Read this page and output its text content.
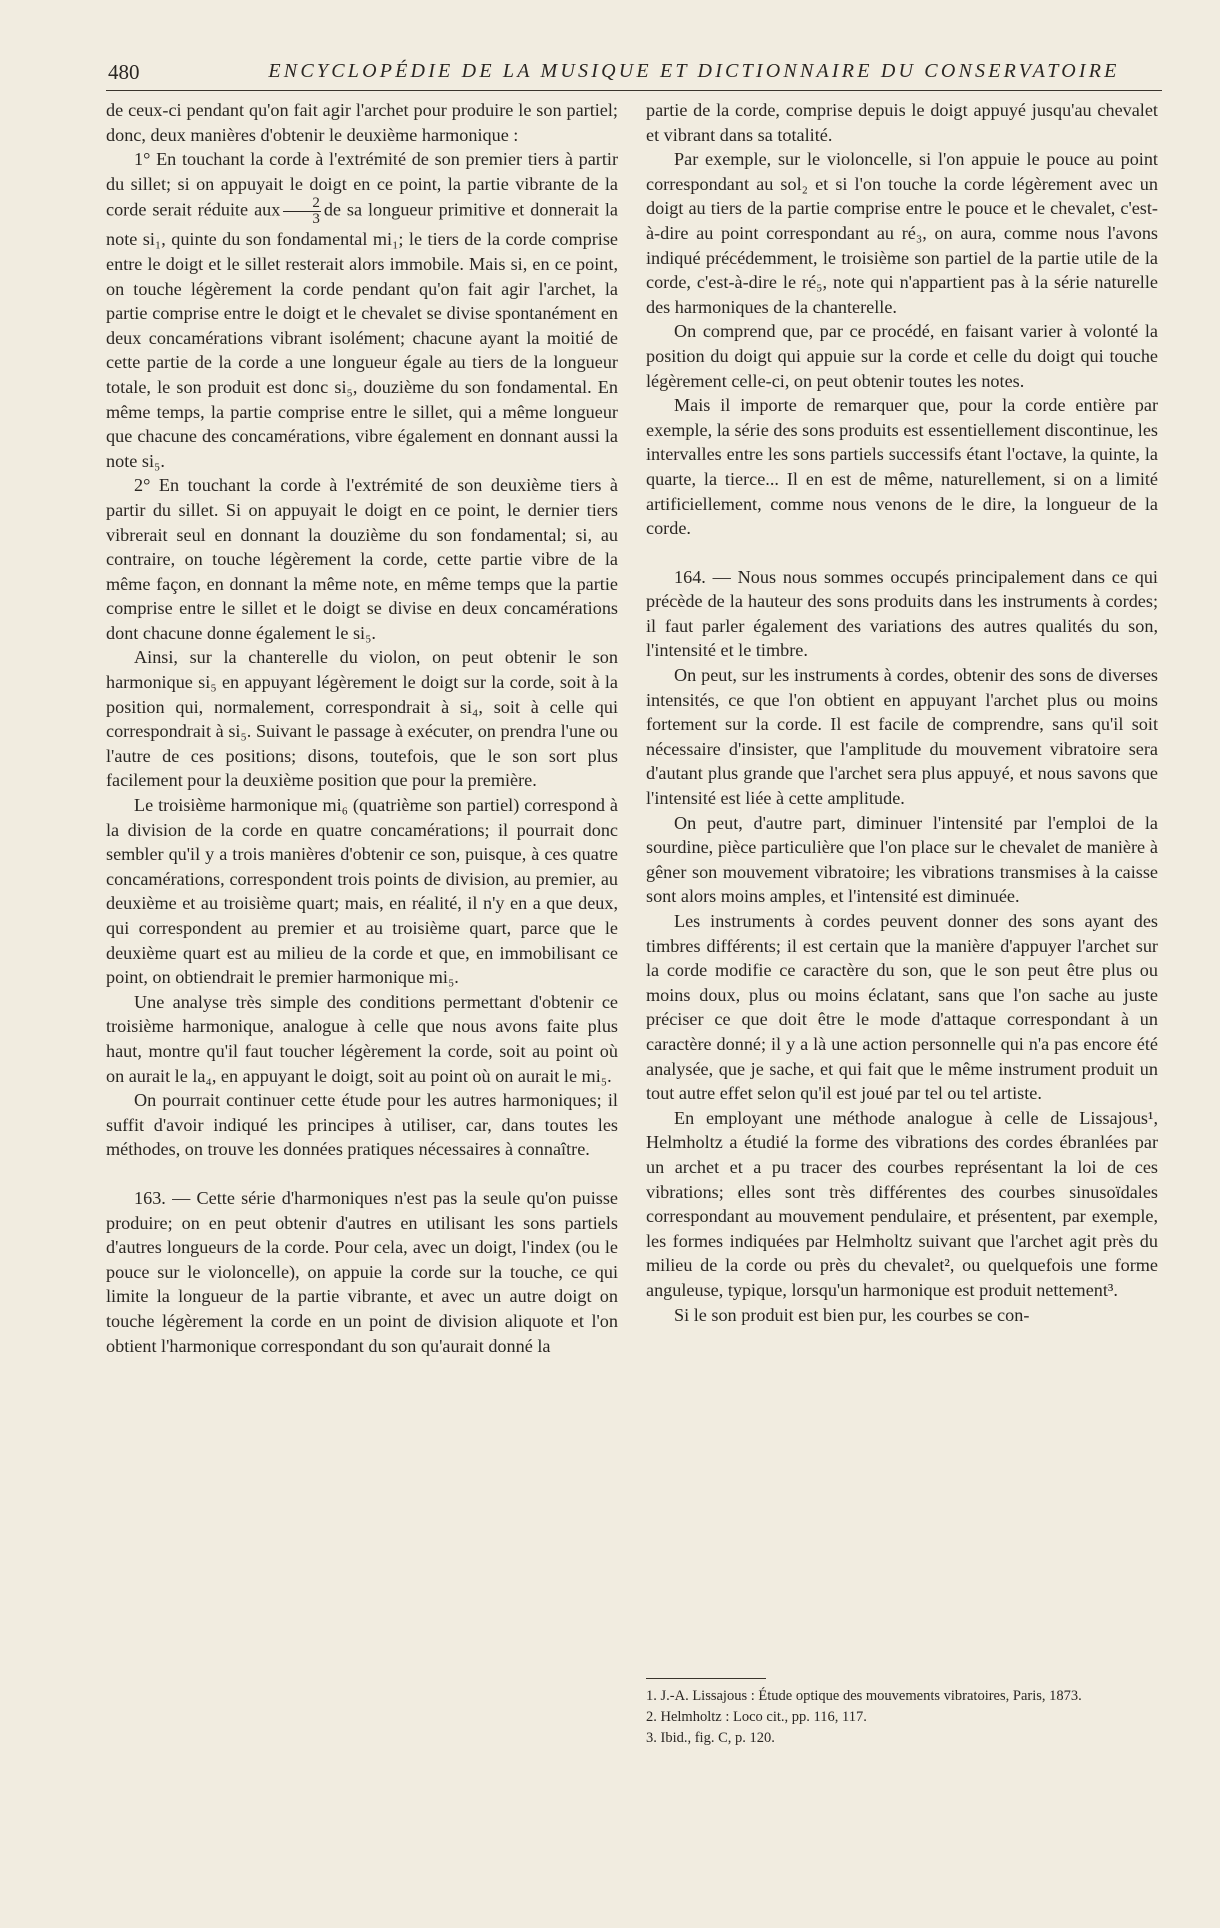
480	ENCYCLOPÉDIE DE LA MUSIQUE ET DICTIONNAIRE DU CONSERVATOIRE

de ceux-ci pendant qu'on fait agir l'archet pour produire le son partiel; donc, deux manières d'obtenir le deuxième harmonique :

1° En touchant la corde à l'extrémité de son premier tiers à partir du sillet; si on appuyait le doigt en ce point, la partie vibrante de la corde serait réduite aux $\frac{2}{3}$ de sa longueur primitive et donnerait la note si₁, quinte du son fondamental mi₁; le tiers de la corde comprise entre le doigt et le sillet resterait alors immobile. Mais si, en ce point, on touche légèrement la corde pendant qu'on fait agir l'archet, la partie comprise entre le doigt et le chevalet se divise spontanément en deux concamérations vibrant isolément; chacune ayant la moitié de cette partie de la corde a une longueur égale au tiers de la longueur totale, le son produit est donc si₅, douzième du son fondamental. En même temps, la partie comprise entre le sillet, qui a même longueur que chacune des concamérations, vibre également en donnant aussi la note si₅.

2° En touchant la corde à l'extrémité de son deuxième tiers à partir du sillet. Si on appuyait le doigt en ce point, le dernier tiers vibrerait seul en donnant la douzième du son fondamental; si, au contraire, on touche légèrement la corde, cette partie vibre de la même façon, en donnant la même note, en même temps que la partie comprise entre le sillet et le doigt se divise en deux concamérations dont chacune donne également le si₅.

Ainsi, sur la chanterelle du violon, on peut obtenir le son harmonique si₅ en appuyant légèrement le doigt sur la corde, soit à la position qui, normalement, correspondrait à si₄, soit à celle qui correspondrait à si₅. Suivant le passage à exécuter, on prendra l'une ou l'autre de ces positions; disons, toutefois, que le son sort plus facilement pour la deuxième position que pour la première.

Le troisième harmonique mi₆ (quatrième son partiel) correspond à la division de la corde en quatre concamérations; il pourrait donc sembler qu'il y a trois manières d'obtenir ce son, puisque, à ces quatre concamérations, correspondent trois points de division, au premier, au deuxième et au troisième quart; mais, en réalité, il n'y en a que deux, qui correspondent au premier et au troisième quart, parce que le deuxième quart est au milieu de la corde et que, en immobilisant ce point, on obtiendrait le premier harmonique mi₅.

Une analyse très simple des conditions permettant d'obtenir ce troisième harmonique, analogue à celle que nous avons faite plus haut, montre qu'il faut toucher légèrement la corde, soit au point où on aurait le la₄, en appuyant le doigt, soit au point où on aurait le mi₅.

On pourrait continuer cette étude pour les autres harmoniques; il suffit d'avoir indiqué les principes à utiliser, car, dans toutes les méthodes, on trouve les données pratiques nécessaires à connaître.

163. — Cette série d'harmoniques n'est pas la seule qu'on puisse produire; on en peut obtenir d'autres en utilisant les sons partiels d'autres longueurs de la corde. Pour cela, avec un doigt, l'index (ou le pouce sur le violoncelle), on appuie la corde sur la touche, ce qui limite la longueur de la partie vibrante, et avec un autre doigt on touche légèrement la corde en un point de division aliquote et l'on obtient l'harmonique correspondant du son qu'aurait donné la

partie de la corde, comprise depuis le doigt appuyé jusqu'au chevalet et vibrant dans sa totalité.

Par exemple, sur le violoncelle, si l'on appuie le pouce au point correspondant au sol₂ et si l'on touche la corde légèrement avec un doigt au tiers de la partie comprise entre le pouce et le chevalet, c'est-à-dire au point correspondant au ré₃, on aura, comme nous l'avons indiqué précédemment, le troisième son partiel de la partie utile de la corde, c'est-à-dire le ré₅, note qui n'appartient pas à la série naturelle des harmoniques de la chanterelle.

On comprend que, par ce procédé, en faisant varier à volonté la position du doigt qui appuie sur la corde et celle du doigt qui touche légèrement celle-ci, on peut obtenir toutes les notes.

Mais il importe de remarquer que, pour la corde entière par exemple, la série des sons produits est essentiellement discontinue, les intervalles entre les sons partiels successifs étant l'octave, la quinte, la quarte, la tierce... Il en est de même, naturellement, si on a limité artificiellement, comme nous venons de le dire, la longueur de la corde.

164. — Nous nous sommes occupés principalement dans ce qui précède de la hauteur des sons produits dans les instruments à cordes; il faut parler également des variations des autres qualités du son, l'intensité et le timbre.

On peut, sur les instruments à cordes, obtenir des sons de diverses intensités, ce que l'on obtient en appuyant l'archet plus ou moins fortement sur la corde. Il est facile de comprendre, sans qu'il soit nécessaire d'insister, que l'amplitude du mouvement vibratoire sera d'autant plus grande que l'archet sera plus appuyé, et nous savons que l'intensité est liée à cette amplitude.

On peut, d'autre part, diminuer l'intensité par l'emploi de la sourdine, pièce particulière que l'on place sur le chevalet de manière à gêner son mouvement vibratoire; les vibrations transmises à la caisse sont alors moins amples, et l'intensité est diminuée.

Les instruments à cordes peuvent donner des sons ayant des timbres différents; il est certain que la manière d'appuyer l'archet sur la corde modifie ce caractère du son, que le son peut être plus ou moins doux, plus ou moins éclatant, sans que l'on sache au juste préciser ce que doit être le mode d'attaque correspondant à un caractère donné; il y a là une action personnelle qui n'a pas encore été analysée, que je sache, et qui fait que le même instrument produit un tout autre effet selon qu'il est joué par tel ou tel artiste.

En employant une méthode analogue à celle de Lissajous¹, Helmholtz a étudié la forme des vibrations des cordes ébranlées par un archet et a pu tracer des courbes représentant la loi de ces vibrations; elles sont très différentes des courbes sinusoïdales correspondant au mouvement pendulaire, et présentent, par exemple, les formes indiquées par Helmholtz suivant que l'archet agit près du milieu de la corde ou près du chevalet², ou quelquefois une forme anguleuse, typique, lorsqu'un harmonique est produit nettement³.

Si le son produit est bien pur, les courbes se con-

1. J.-A. Lissajous : Étude optique des mouvements vibratoires, Paris, 1873.

2. Helmholtz : Loco cit., pp. 116, 117.

3. Ibid., fig. C, p. 120.
